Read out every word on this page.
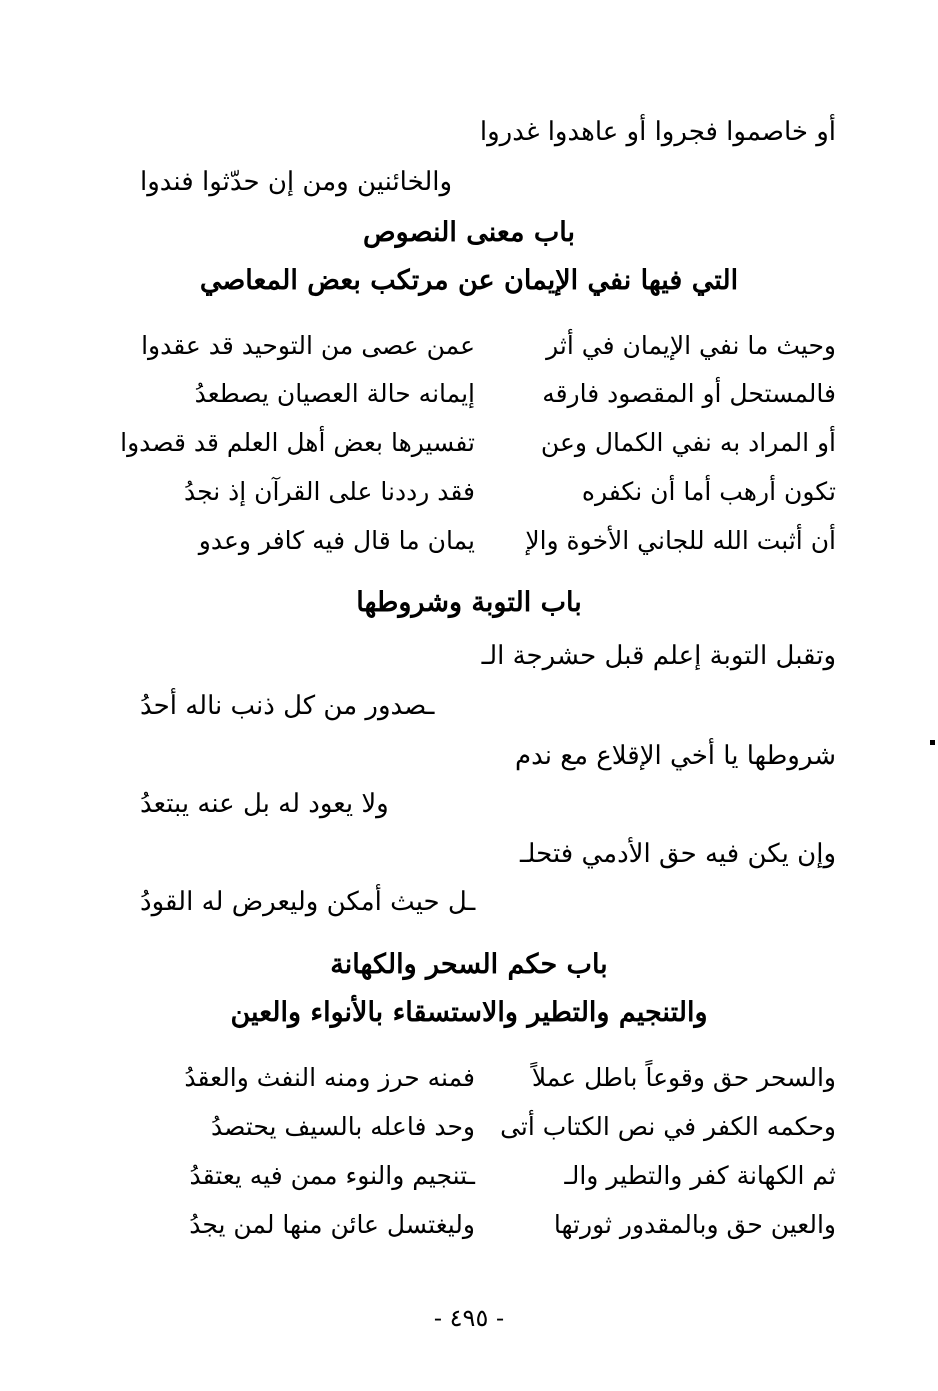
أو خاصموا فجروا أو عاهدوا غدروا
والخائنين ومن إن حدّثوا فندوا
باب معنى النصوص
التي فيها نفي الإيمان عن مرتكب بعض المعاصي
وحيث ما نفي الإيمان في أثر
عمن عصى من التوحيد قد عقدوا
فالمستحل أو المقصود فارقه
إيمانه حالة العصيان يصطعدُ
أو المراد به نفي الكمال وعن
تفسيرها بعض أهل العلم قد قصدوا
تكون أرهب أما أن نكفره
فقد رددنا على القرآن إذ نجدُ
أن أثبت الله للجاني الأخوة والإ
يمان ما قال فيه كافر وعدو
باب التوبة وشروطها
وتقبل التوبة إعلم قبل حشرجة الـ
ـصدور من كل ذنب ناله أحدُ
شروطها يا أخي الإقلاع مع ندم
ولا يعود له بل عنه يبتعدُ
وإن يكن فيه حق الأدمي فتحلـ
ـل حيث أمكن وليعرض له القودُ
باب حكم السحر والكهانة
والتنجيم والتطير والاستسقاء بالأنواء والعين
والسحر حق وقوعاً باطل عملاً
فمنه حرز ومنه النفث والعقدُ
وحكمه الكفر في نص الكتاب أتى
وحد فاعله بالسيف يحتصدُ
ثم الكهانة كفر والتطير والـ
ـتنجيم والنوء ممن فيه يعتقدُ
والعين حق وبالمقدور ثورتها
وليغتسل عائن منها لمن يجدُ
- ٤٩٥ -
